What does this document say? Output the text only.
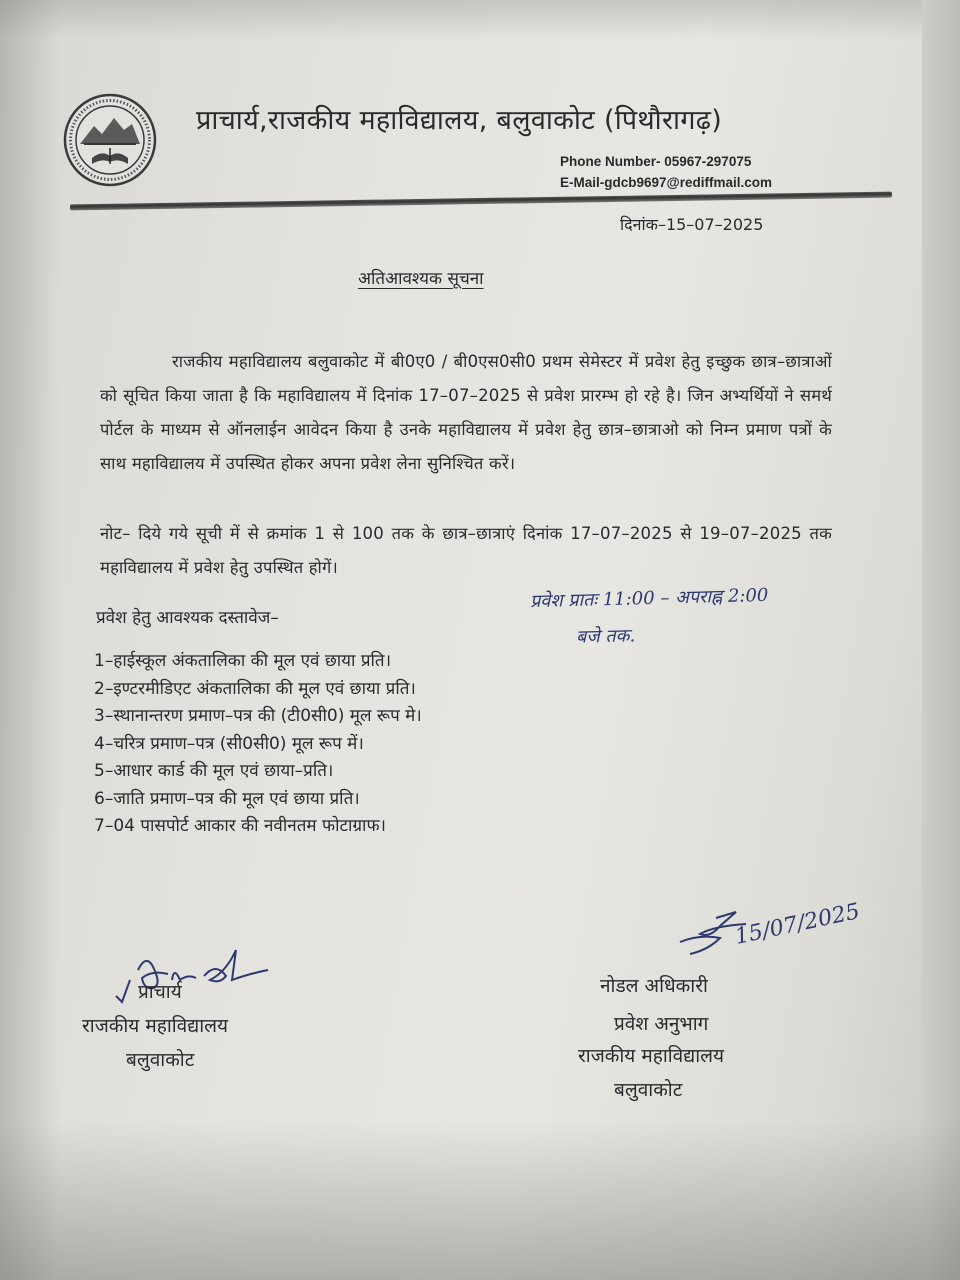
प्राचार्य,राजकीय महाविद्यालय, बलुवाकोट (पिथौरागढ़)
Phone Number- 05967-297075
E-Mail-gdcb9697@rediffmail.com
दिनांक–15–07–2025
अतिआवश्यक सूचना
राजकीय महाविद्यालय बलुवाकोट में बी0ए0 / बी0एस0सी0 प्रथम सेमेस्टर में प्रवेश हेतु इच्छुक छात्र–छात्राओं को सूचित किया जाता है कि महाविद्यालय में दिनांक 17–07–2025 से प्रवेश प्रारम्भ हो रहे है। जिन अभ्यर्थियों ने समर्थ पोर्टल के माध्यम से ऑनलाईन आवेदन किया है उनके महाविद्यालय में प्रवेश हेतु छात्र–छात्राओ को निम्न प्रमाण पत्रों के साथ महाविद्यालय में उपस्थित होकर अपना प्रवेश लेना सुनिश्चित करें।
नोट– दिये गये सूची में से क्रमांक 1 से 100 तक के छात्र–छात्राएं दिनांक 17–07–2025 से 19–07–2025 तक महाविद्यालय में प्रवेश हेतु उपस्थित होगें।
प्रवेश हेतु आवश्यक दस्तावेज–
प्रवेश प्रातः 11:00 – अपराह्न 2:00
बजे तक.
1–हाईस्कूल अंकतालिका की मूल एवं छाया प्रति।
2–इण्टरमीडिएट अंकतालिका की मूल एवं छाया प्रति।
3–स्थानान्तरण प्रमाण–पत्र की (टी0सी0) मूल रूप मे।
4–चरित्र प्रमाण–पत्र (सी0सी0) मूल रूप में।
5–आधार कार्ड की मूल एवं छाया–प्रति।
6–जाति प्रमाण–पत्र की मूल एवं छाया प्रति।
7–04 पासपोर्ट आकार की नवीनतम फोटाग्राफ।
प्राचार्य
राजकीय महाविद्यालय
बलुवाकोट
15/07/2025
नोडल अधिकारी
प्रवेश अनुभाग
राजकीय महाविद्यालय
बलुवाकोट
